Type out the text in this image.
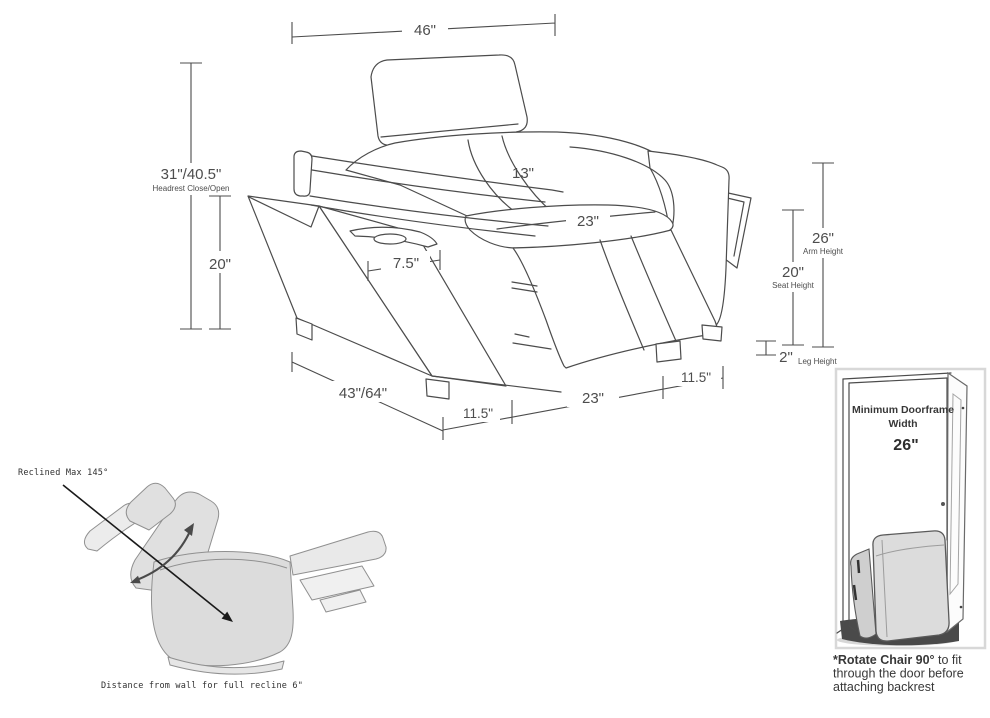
46"
31"/40.5"
Headrest Close/Open
20"
26"
Arm Height
20"
Seat Height
2" Leg Height
43"/64"
11.5"
23"
11.5"
7.5"
13"
23"
Reclined Max 145°
Distance from wall for full recline 6"
Minimum Doorframe
Width
26"
*Rotate Chair 90° to fit
through the door before
attaching backrest
